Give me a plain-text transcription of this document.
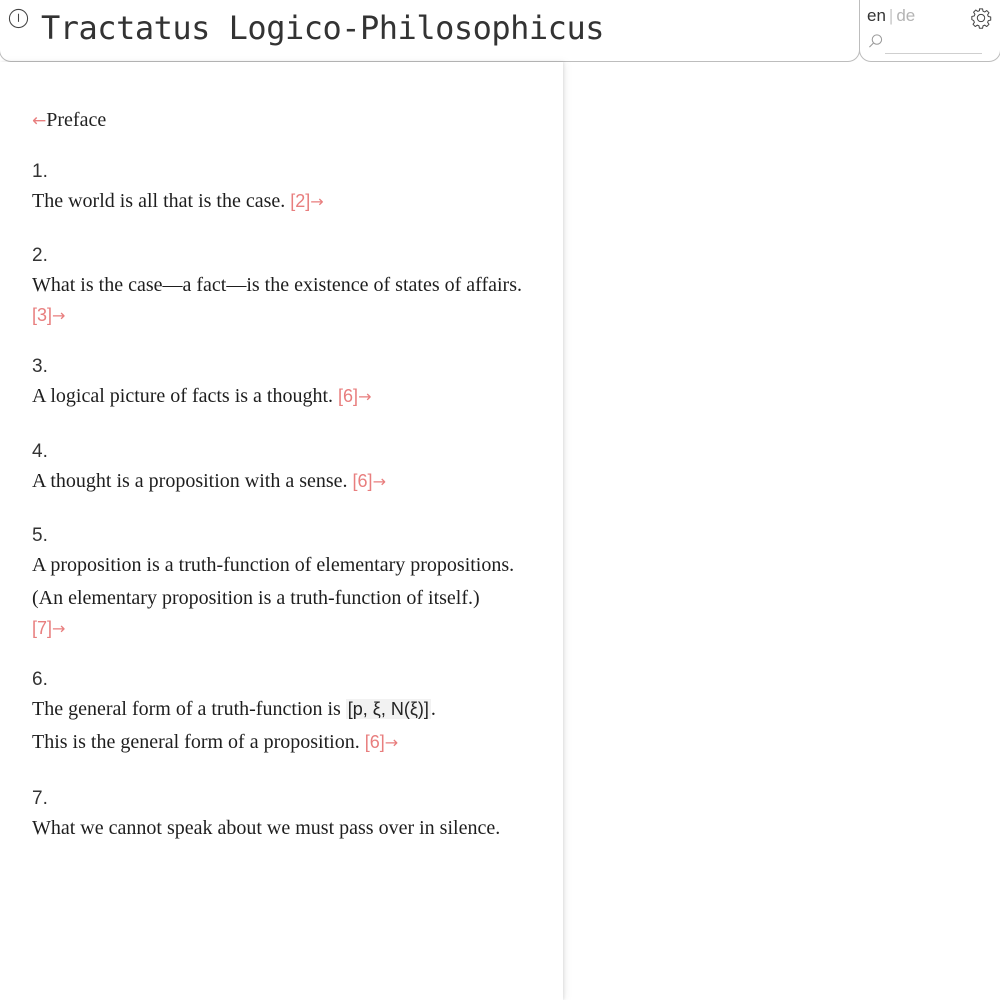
Tractatus Logico-Philosophicus	en | de
←Preface
1.
The world is all that is the case. [2]→
2.
What is the case—a fact—is the existence of states of affairs.
[3]→
3.
A logical picture of facts is a thought. [6]→
4.
A thought is a proposition with a sense. [6]→
5.
A proposition is a truth-function of elementary propositions.
(An elementary proposition is a truth-function of itself.)
[7]→
6.
The general form of a truth-function is [p, ξ, N(ξ)] .
This is the general form of a proposition. [6]→
7.
What we cannot speak about we must pass over in silence.
